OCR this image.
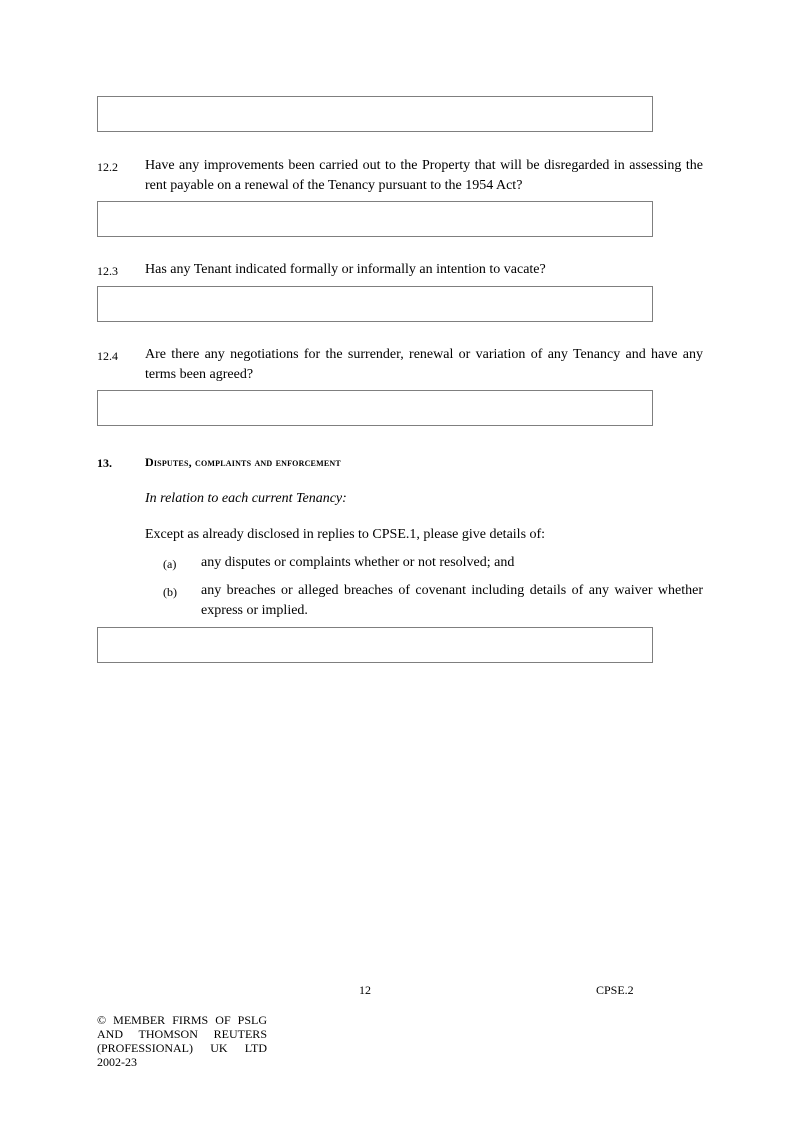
12.2 Have any improvements been carried out to the Property that will be disregarded in assessing the rent payable on a renewal of the Tenancy pursuant to the 1954 Act?
12.3 Has any Tenant indicated formally or informally an intention to vacate?
12.4 Are there any negotiations for the surrender, renewal or variation of any Tenancy and have any terms been agreed?
13.	Disputes, complaints and enforcement
In relation to each current Tenancy:
Except as already disclosed in replies to CPSE.1, please give details of:
(a) any disputes or complaints whether or not resolved; and
(b) any breaches or alleged breaches of covenant including details of any waiver whether express or implied.
12	CPSE.2
© MEMBER FIRMS OF PSLG
AND THOMSON REUTERS
(PROFESSIONAL) UK LTD
2002-23
